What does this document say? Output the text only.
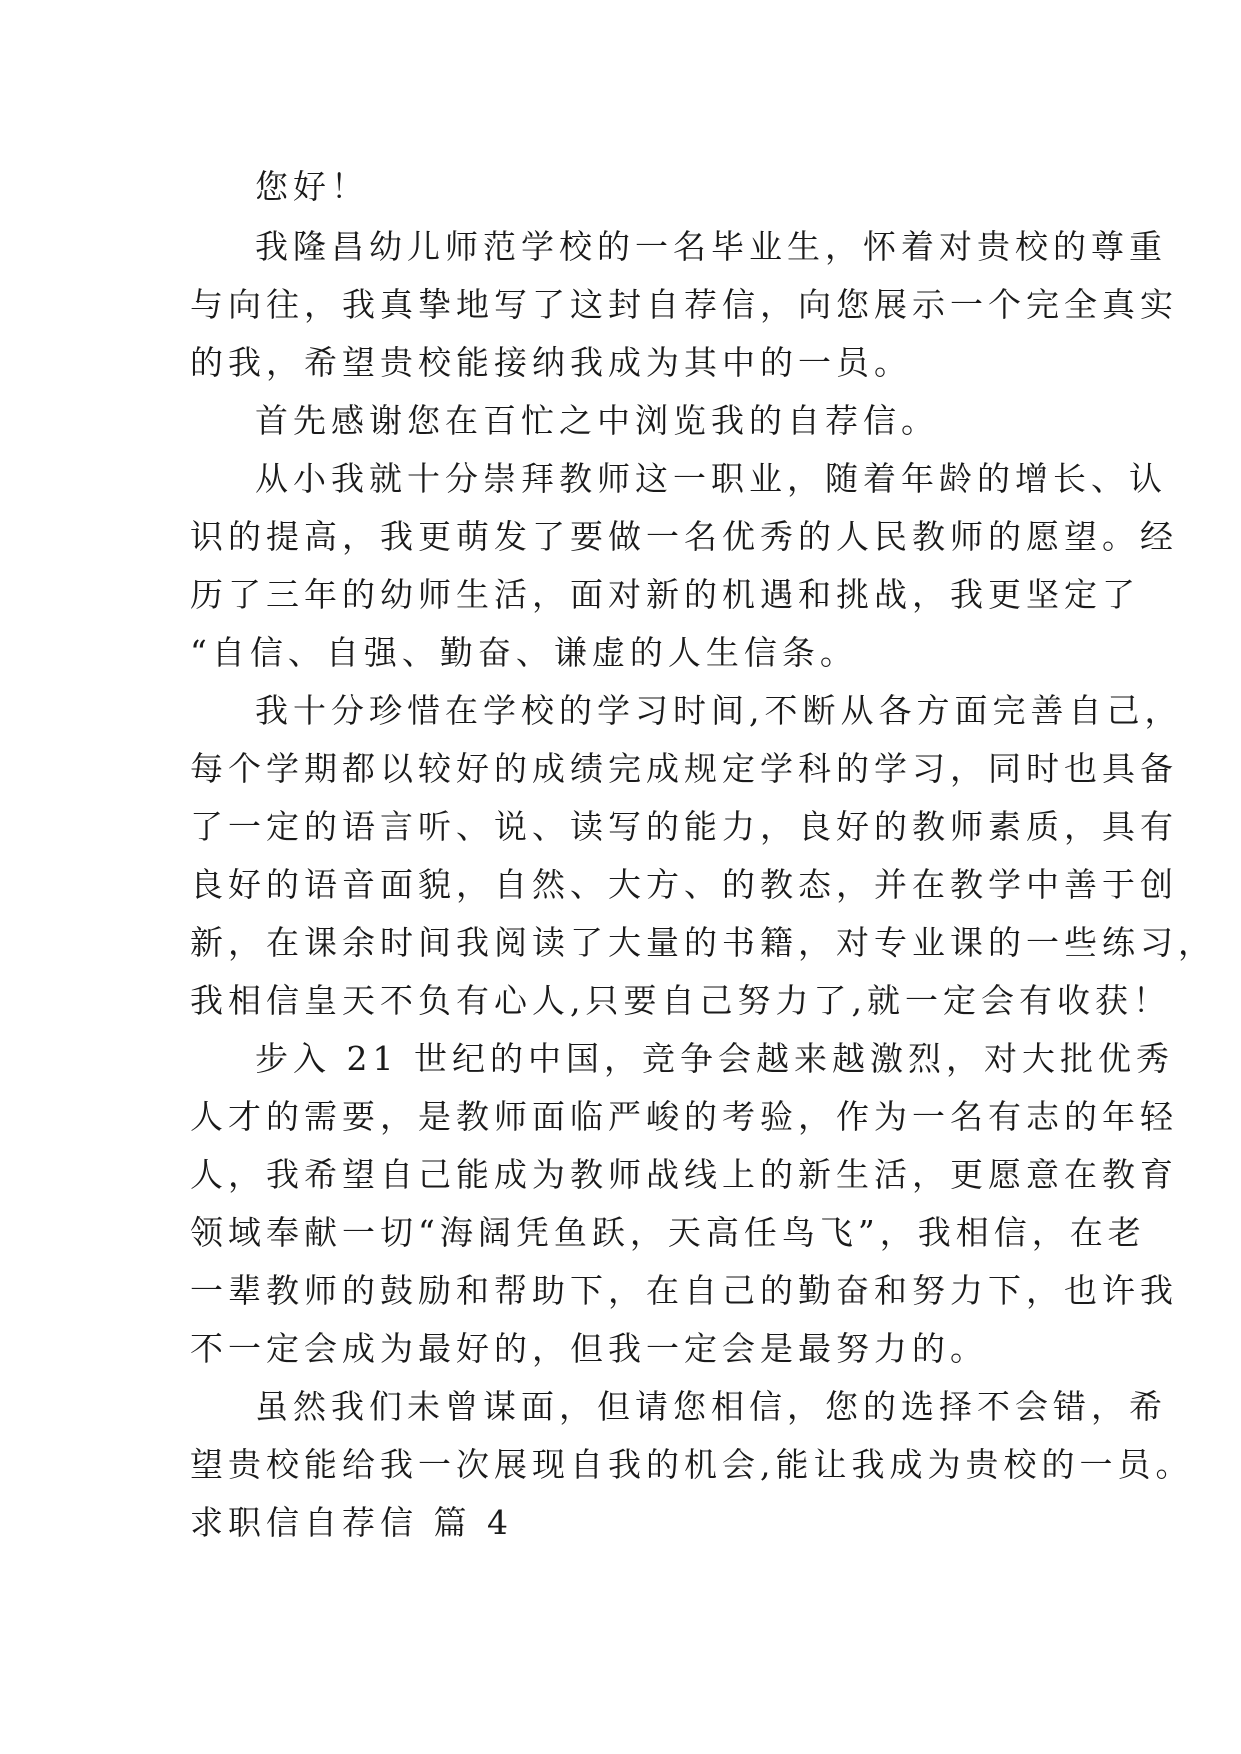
您好！
我隆昌幼儿师范学校的一名毕业生，怀着对贵校的尊重
与向往，我真挚地写了这封自荐信，向您展示一个完全真实
的我，希望贵校能接纳我成为其中的一员。
首先感谢您在百忙之中浏览我的自荐信。
从小我就十分崇拜教师这一职业，随着年龄的增长、认
识的提高，我更萌发了要做一名优秀的人民教师的愿望。经
历了三年的幼师生活，面对新的机遇和挑战，我更坚定了
“自信、自强、勤奋、谦虚的人生信条。
我十分珍惜在学校的学习时间,不断从各方面完善自己，
每个学期都以较好的成绩完成规定学科的学习，同时也具备
了一定的语言听、说、读写的能力，良好的教师素质，具有
良好的语音面貌，自然、大方、的教态，并在教学中善于创
新，在课余时间我阅读了大量的书籍，对专业课的一些练习，
我相信皇天不负有心人,只要自己努力了,就一定会有收获！
步入 21 世纪的中国，竞争会越来越激烈，对大批优秀
人才的需要，是教师面临严峻的考验，作为一名有志的年轻
人，我希望自己能成为教师战线上的新生活，更愿意在教育
领域奉献一切“海阔凭鱼跃，天高任鸟飞”，我相信，在老
一辈教师的鼓励和帮助下，在自己的勤奋和努力下，也许我
不一定会成为最好的，但我一定会是最努力的。
虽然我们未曾谋面，但请您相信，您的选择不会错，希
望贵校能给我一次展现自我的机会,能让我成为贵校的一员。
求职信自荐信 篇 4
